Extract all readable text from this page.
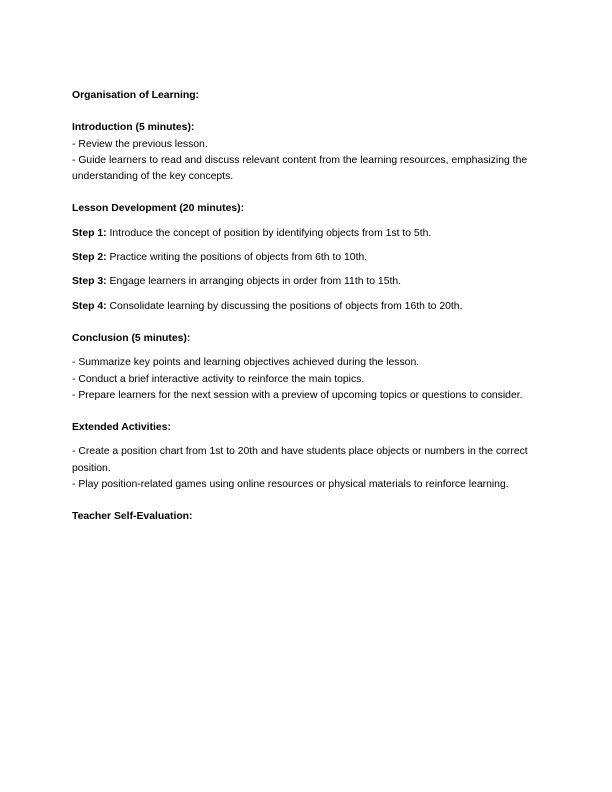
Organisation of Learning:

Introduction (5 minutes):

- Review the previous lesson.

- Guide learners to read and discuss relevant content from the learning resources, emphasizing the understanding of the key concepts.

Lesson Development (20 minutes):

Step 1: Introduce the concept of position by identifying objects from 1st to 5th.

Step 2: Practice writing the positions of objects from 6th to 10th.

Step 3: Engage learners in arranging objects in order from 11th to 15th.

Step 4: Consolidate learning by discussing the positions of objects from 16th to 20th.

Conclusion (5 minutes):

- Summarize key points and learning objectives achieved during the lesson.

- Conduct a brief interactive activity to reinforce the main topics.

- Prepare learners for the next session with a preview of upcoming topics or questions to consider.

Extended Activities:

- Create a position chart from 1st to 20th and have students place objects or numbers in the correct position.

- Play position-related games using online resources or physical materials to reinforce learning.

Teacher Self-Evaluation:
